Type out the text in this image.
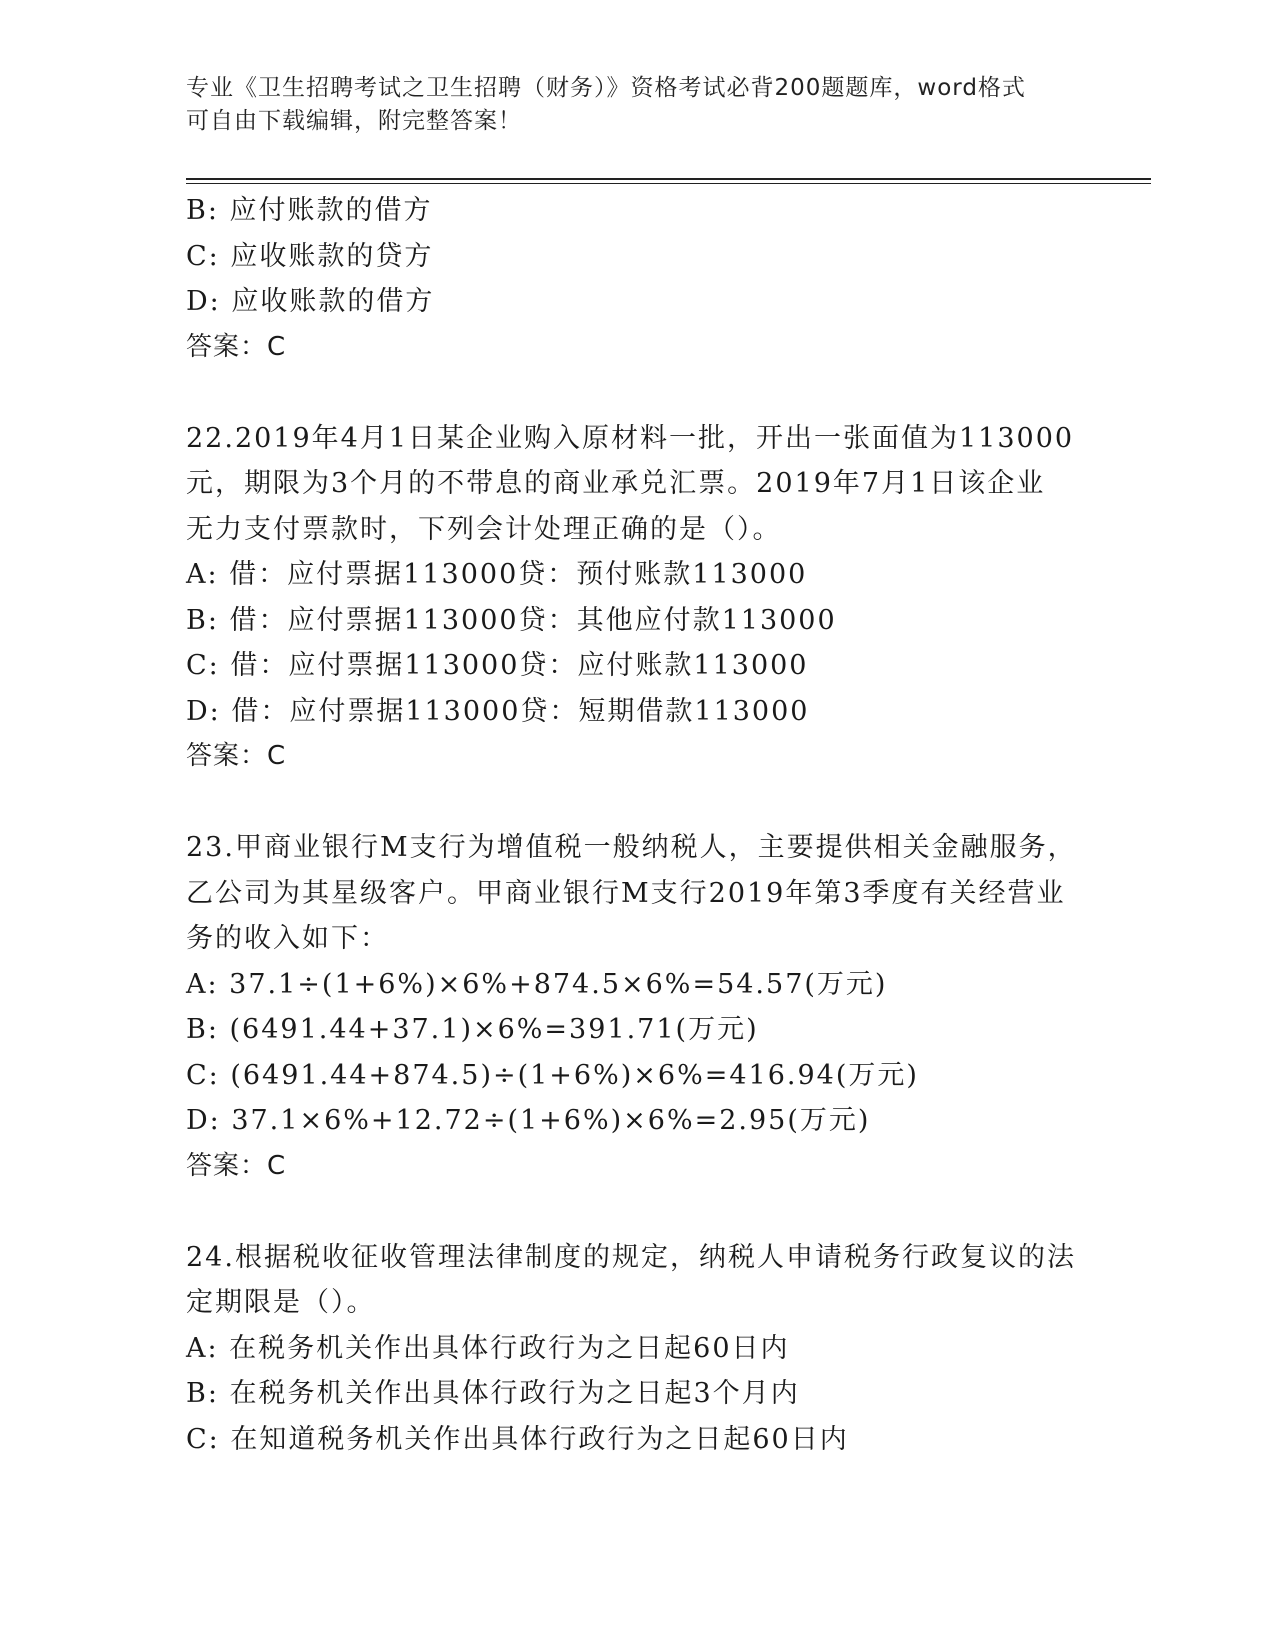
专业《卫生招聘考试之卫生招聘（财务）》资格考试必背200题题库，word格式
可自由下载编辑，附完整答案！
B: 应付账款的借方
C: 应收账款的贷方
D: 应收账款的借方
答案：C
22.2019年4月1日某企业购入原材料一批，开出一张面值为113000
元，期限为3个月的不带息的商业承兑汇票。2019年7月1日该企业
无力支付票款时，下列会计处理正确的是（）。
A: 借：应付票据113000贷：预付账款113000
B: 借：应付票据113000贷：其他应付款113000
C: 借：应付票据113000贷：应付账款113000
D: 借：应付票据113000贷：短期借款113000
答案：C
23.甲商业银行M支行为增值税一般纳税人，主要提供相关金融服务，
乙公司为其星级客户。甲商业银行M支行2019年第3季度有关经营业
务的收入如下：
A: 37.1÷(1+6%)×6%+874.5×6%=54.57(万元)
B: (6491.44+37.1)×6%=391.71(万元)
C: (6491.44+874.5)÷(1+6%)×6%=416.94(万元)
D: 37.1×6%+12.72÷(1+6%)×6%=2.95(万元)
答案：C
24.根据税收征收管理法律制度的规定，纳税人申请税务行政复议的法
定期限是（）。
A: 在税务机关作出具体行政行为之日起60日内
B: 在税务机关作出具体行政行为之日起3个月内
C: 在知道税务机关作出具体行政行为之日起60日内
